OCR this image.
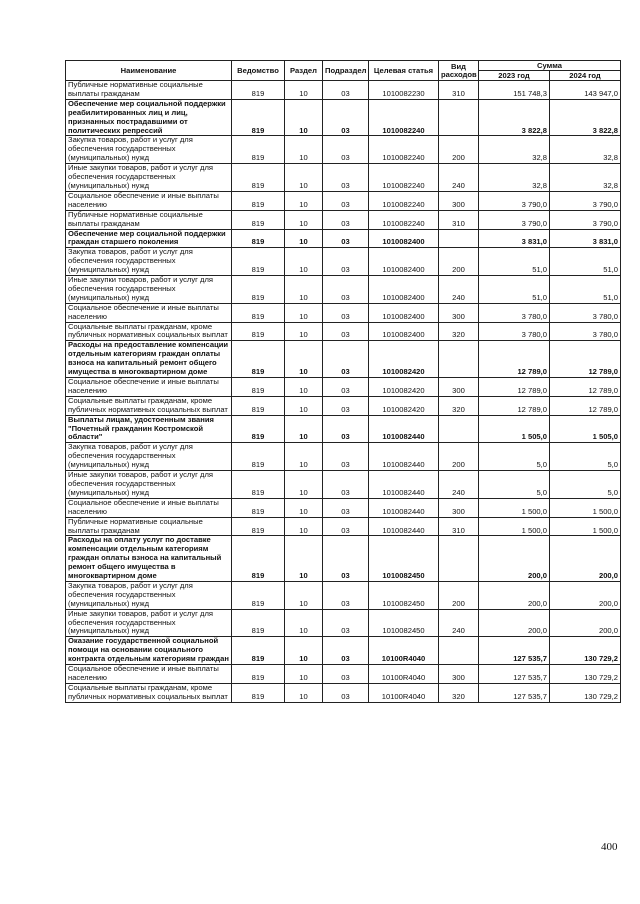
Наименование	Ведомство	Раздел	Подраздел	Целевая статья	Вид расходов	Сумма	
						2023 год	2024 год
Публичные нормативные социальные выплаты гражданам	819	10	03	1010082230	310	151 748,3	143 947,0
Обеспечение мер социальной поддержки реабилитированных лиц и лиц, признанных пострадавшими от политических репрессий	819	10	03	1010082240		3 822,8	3 822,8
Закупка товаров, работ и услуг для обеспечения государственных (муниципальных) нужд	819	10	03	1010082240	200	32,8	32,8
Иные закупки товаров, работ и услуг для обеспечения государственных (муниципальных) нужд	819	10	03	1010082240	240	32,8	32,8
Социальное обеспечение и иные выплаты населению	819	10	03	1010082240	300	3 790,0	3 790,0
Публичные нормативные социальные выплаты гражданам	819	10	03	1010082240	310	3 790,0	3 790,0
Обеспечение мер социальной поддержки граждан старшего поколения	819	10	03	1010082400		3 831,0	3 831,0
Закупка товаров, работ и услуг для обеспечения государственных (муниципальных) нужд	819	10	03	1010082400	200	51,0	51,0
Иные закупки товаров, работ и услуг для обеспечения государственных (муниципальных) нужд	819	10	03	1010082400	240	51,0	51,0
Социальное обеспечение и иные выплаты населению	819	10	03	1010082400	300	3 780,0	3 780,0
Социальные выплаты гражданам, кроме публичных нормативных социальных выплат	819	10	03	1010082400	320	3 780,0	3 780,0
Расходы на предоставление компенсации отдельным категориям граждан оплаты взноса на капитальный ремонт общего имущества в многоквартирном доме	819	10	03	1010082420		12 789,0	12 789,0
Социальное обеспечение и иные выплаты населению	819	10	03	1010082420	300	12 789,0	12 789,0
Социальные выплаты гражданам, кроме публичных нормативных социальных выплат	819	10	03	1010082420	320	12 789,0	12 789,0
Выплаты лицам, удостоенным звания "Почетный гражданин Костромской области"	819	10	03	1010082440		1 505,0	1 505,0
Закупка товаров, работ и услуг для обеспечения государственных (муниципальных) нужд	819	10	03	1010082440	200	5,0	5,0
Иные закупки товаров, работ и услуг для обеспечения государственных (муниципальных) нужд	819	10	03	1010082440	240	5,0	5,0
Социальное обеспечение и иные выплаты населению	819	10	03	1010082440	300	1 500,0	1 500,0
Публичные нормативные социальные выплаты гражданам	819	10	03	1010082440	310	1 500,0	1 500,0
Расходы на оплату услуг по доставке компенсации отдельным категориям граждан оплаты взноса на капитальный ремонт общего имущества в многоквартирном доме	819	10	03	1010082450		200,0	200,0
Закупка товаров, работ и услуг для обеспечения государственных (муниципальных) нужд	819	10	03	1010082450	200	200,0	200,0
Иные закупки товаров, работ и услуг для обеспечения государственных (муниципальных) нужд	819	10	03	1010082450	240	200,0	200,0
Оказание государственной социальной помощи на основании социального контракта отдельным категориям граждан	819	10	03	10100R4040		127 535,7	130 729,2
Социальное обеспечение и иные выплаты населению	819	10	03	10100R4040	300	127 535,7	130 729,2
Социальные выплаты гражданам, кроме публичных нормативных социальных выплат	819	10	03	10100R4040	320	127 535,7	130 729,2
400
